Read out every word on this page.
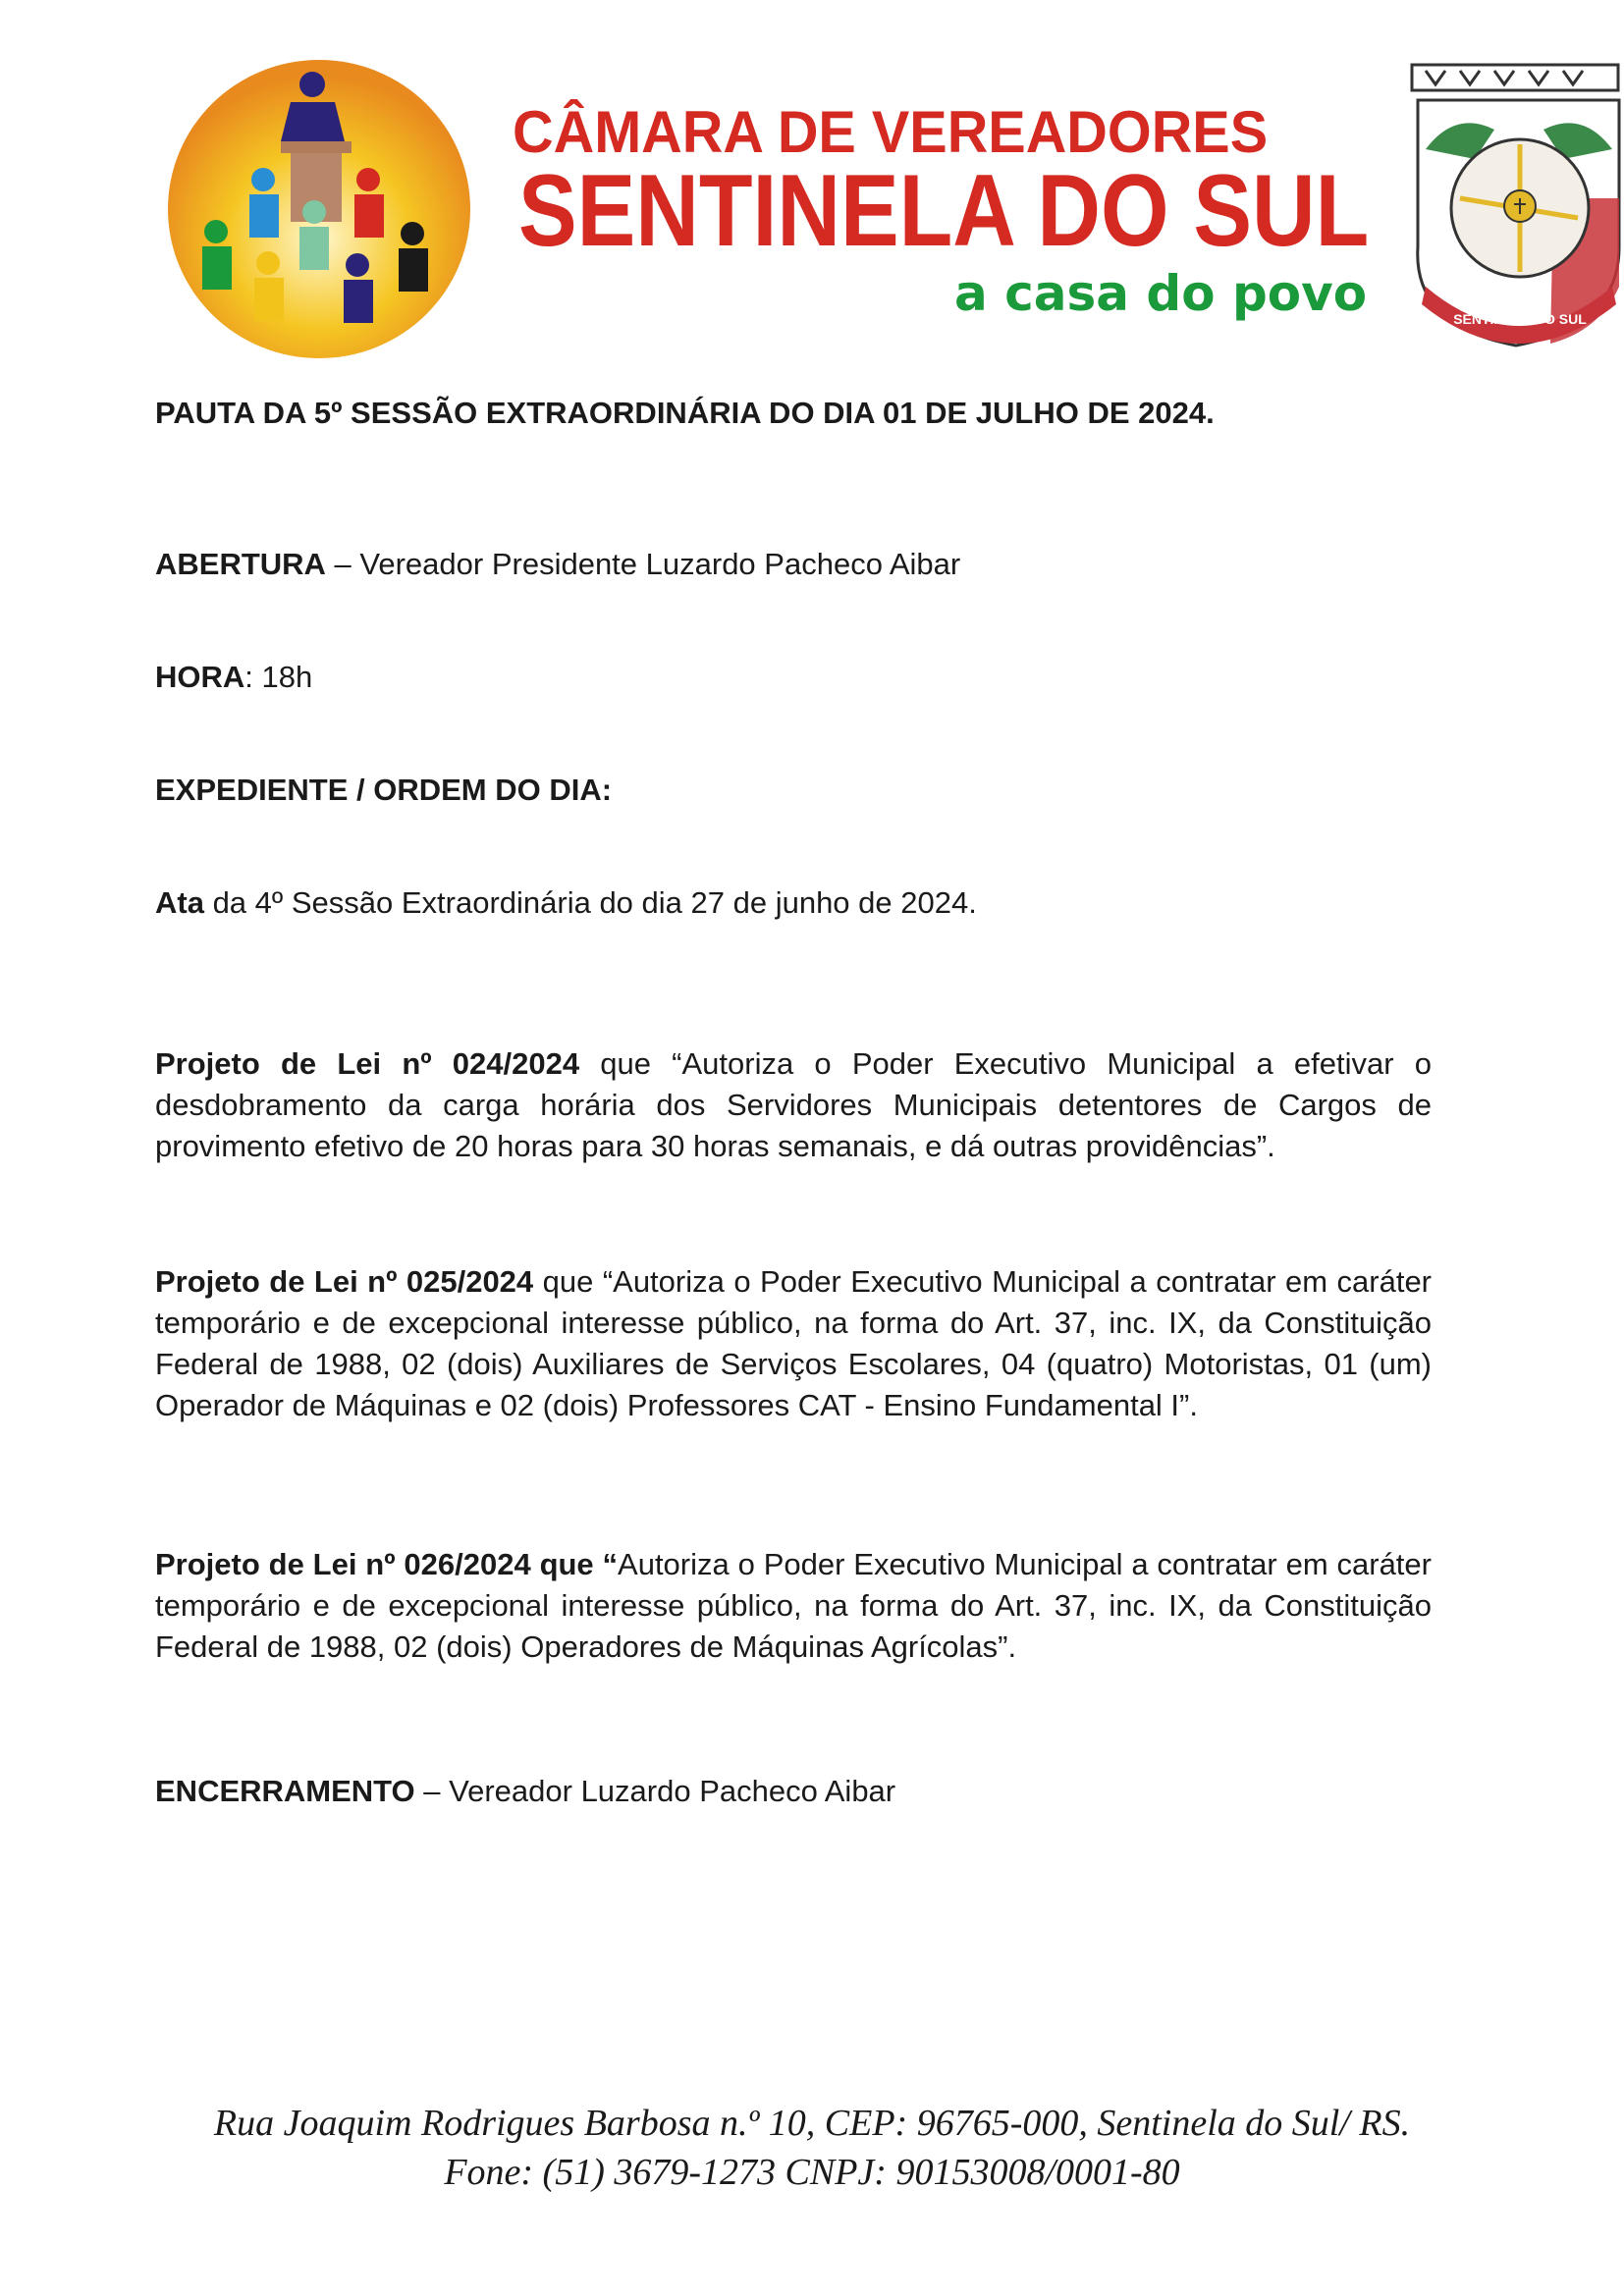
CÂMARA DE VEREADORES
SENTINELA DO SUL
a casa do povo	SENTINELA DO SUL
PAUTA DA 5º SESSÃO EXTRAORDINÁRIA DO DIA 01 DE JULHO DE 2024.
ABERTURA – Vereador Presidente Luzardo Pacheco Aibar
HORA: 18h
EXPEDIENTE / ORDEM DO DIA:
Ata da 4º Sessão Extraordinária do dia 27 de junho de 2024.
Projeto de Lei nº 024/2024 que “Autoriza o Poder Executivo Municipal a efetivar o desdobramento da carga horária dos Servidores Municipais detentores de Cargos de provimento efetivo de 20 horas para 30 horas semanais, e dá outras providências”.
Projeto de Lei nº 025/2024 que “Autoriza o Poder Executivo Municipal a contratar em caráter temporário e de excepcional interesse público, na forma do Art. 37, inc. IX, da Constituição Federal de 1988, 02 (dois) Auxiliares de Serviços Escolares, 04 (quatro) Motoristas, 01 (um) Operador de Máquinas e 02 (dois) Professores CAT - Ensino Fundamental I”.
Projeto de Lei nº 026/2024 que “Autoriza o Poder Executivo Municipal a contratar em caráter temporário e de excepcional interesse público, na forma do Art. 37, inc. IX, da Constituição Federal de 1988, 02 (dois) Operadores de Máquinas Agrícolas”.
ENCERRAMENTO – Vereador Luzardo Pacheco Aibar
Rua Joaquim Rodrigues Barbosa n.º 10, CEP: 96765-000, Sentinela do Sul/ RS.
Fone: (51) 3679-1273 CNPJ: 90153008/0001-80
